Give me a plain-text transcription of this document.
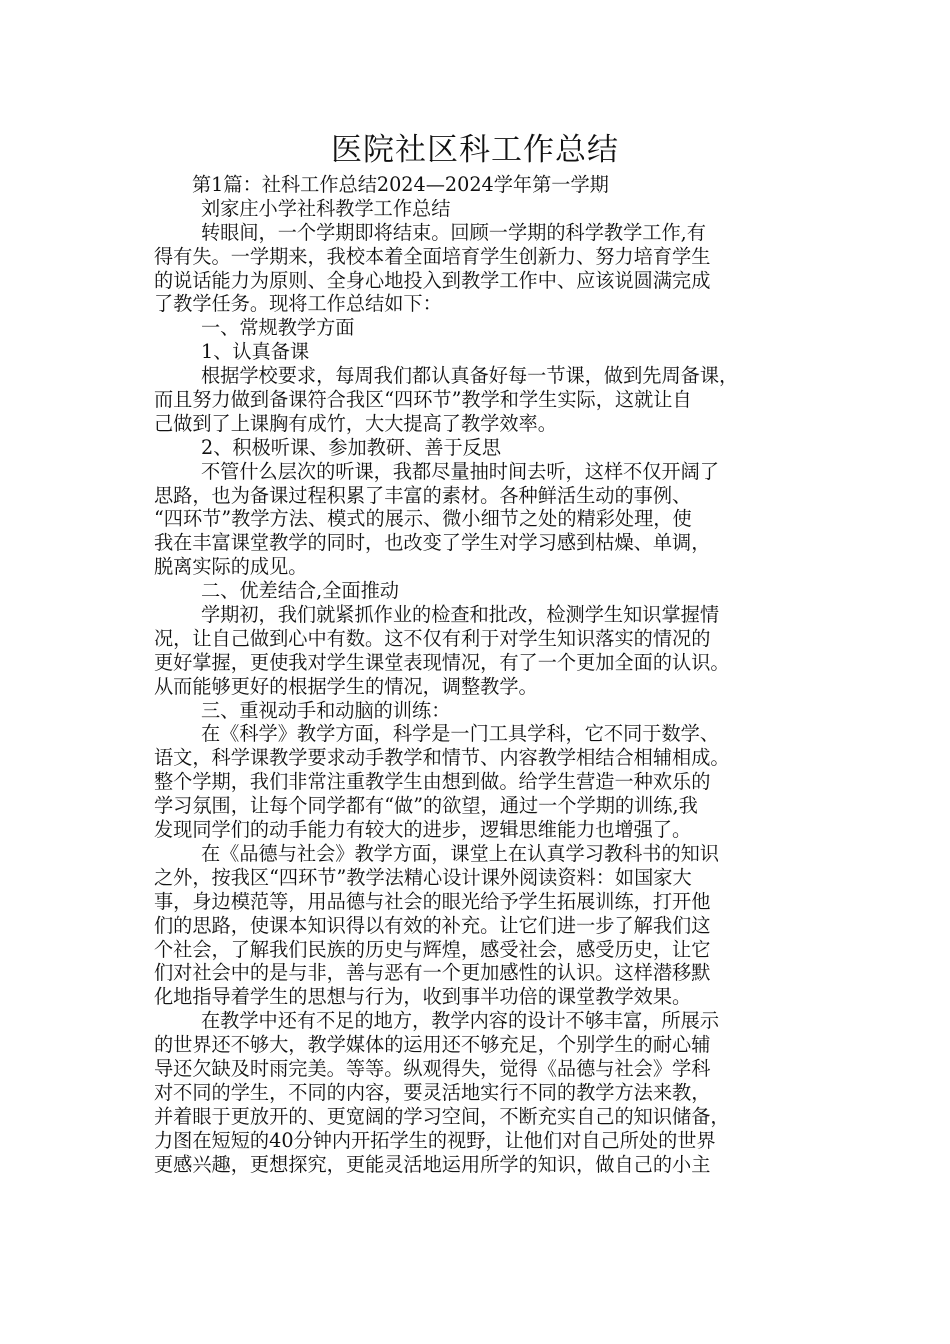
医院社区科工作总结
第1篇：社科工作总结2024—2024学年第一学期
刘家庄小学社科教学工作总结
转眼间，一个学期即将结束。回顾一学期的科学教学工作,有
得有失。一学期来，我校本着全面培育学生创新力、努力培育学生
的说话能力为原则、全身心地投入到教学工作中、应该说圆满完成
了教学任务。现将工作总结如下：
一、常规教学方面
1、认真备课
根据学校要求，每周我们都认真备好每一节课，做到先周备课，
而且努力做到备课符合我区“四环节”教学和学生实际，这就让自
己做到了上课胸有成竹，大大提高了教学效率。
2、积极听课、参加教研、善于反思
不管什么层次的听课，我都尽量抽时间去听，这样不仅开阔了
思路，也为备课过程积累了丰富的素材。各种鲜活生动的事例、
“四环节”教学方法、模式的展示、微小细节之处的精彩处理，使
我在丰富课堂教学的同时，也改变了学生对学习感到枯燥、单调，
脱离实际的成见。
二、优差结合,全面推动
学期初，我们就紧抓作业的检查和批改，检测学生知识掌握情
况，让自己做到心中有数。这不仅有利于对学生知识落实的情况的
更好掌握，更使我对学生课堂表现情况，有了一个更加全面的认识。
从而能够更好的根据学生的情况，调整教学。
三、重视动手和动脑的训练：
在《科学》教学方面，科学是一门工具学科，它不同于数学、
语文，科学课教学要求动手教学和情节、内容教学相结合相辅相成。
整个学期，我们非常注重教学生由想到做。给学生营造一种欢乐的
学习氛围，让每个同学都有“做”的欲望，通过一个学期的训练,我
发现同学们的动手能力有较大的进步，逻辑思维能力也增强了。
在《品德与社会》教学方面，课堂上在认真学习教科书的知识
之外，按我区“四环节”教学法精心设计课外阅读资料：如国家大
事，身边模范等，用品德与社会的眼光给予学生拓展训练，打开他
们的思路，使课本知识得以有效的补充。让它们进一步了解我们这
个社会，了解我们民族的历史与辉煌，感受社会，感受历史，让它
们对社会中的是与非，善与恶有一个更加感性的认识。这样潜移默
化地指导着学生的思想与行为，收到事半功倍的课堂教学效果。
在教学中还有不足的地方，教学内容的设计不够丰富，所展示
的世界还不够大，教学媒体的运用还不够充足，个别学生的耐心辅
导还欠缺及时雨完美。等等。纵观得失，觉得《品德与社会》学科
对不同的学生，不同的内容，要灵活地实行不同的教学方法来教，
并着眼于更放开的、更宽阔的学习空间，不断充实自己的知识储备，
力图在短短的40分钟内开拓学生的视野，让他们对自己所处的世界
更感兴趣，更想探究，更能灵活地运用所学的知识，做自己的小主
